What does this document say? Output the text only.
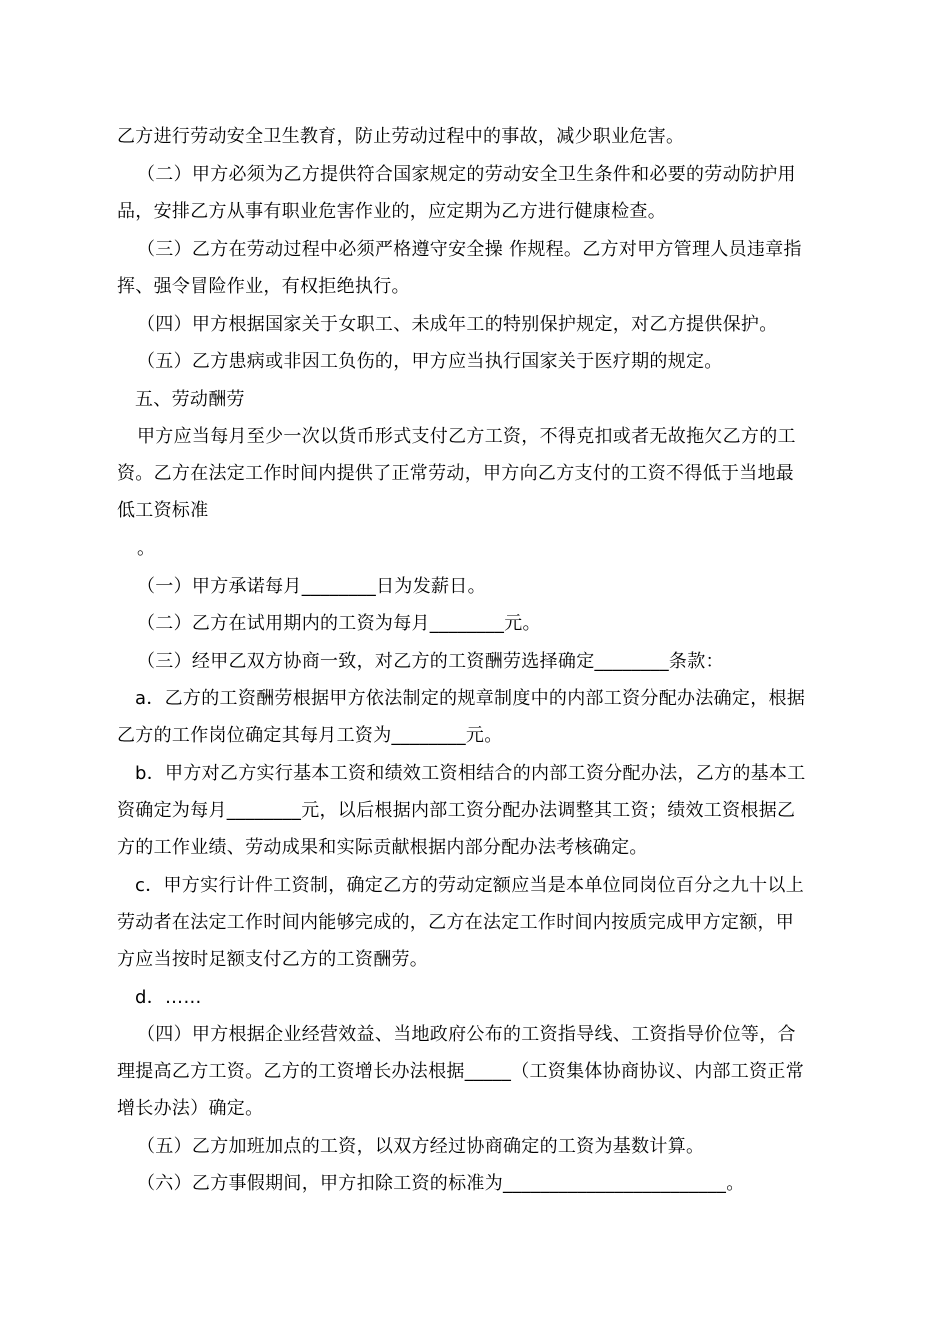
乙方进行劳动安全卫生教育，防止劳动过程中的事故，减少职业危害。
（二）甲方必须为乙方提供符合国家规定的劳动安全卫生条件和必要的劳动防护用
品，安排乙方从事有职业危害作业的，应定期为乙方进行健康检查。
（三）乙方在劳动过程中必须严格遵守安全操 作规程。乙方对甲方管理人员违章指
挥、强令冒险作业，有权拒绝执行。
（四）甲方根据国家关于女职工、未成年工的特别保护规定，对乙方提供保护。
（五）乙方患病或非因工负伤的，甲方应当执行国家关于医疗期的规定。
五、劳动酬劳
甲方应当每月至少一次以货币形式支付乙方工资，不得克扣或者无故拖欠乙方的工
资。乙方在法定工作时间内提供了正常劳动，甲方向乙方支付的工资不得低于当地最
低工资标准
。
（一）甲方承诺每月________日为发薪日。
（二）乙方在试用期内的工资为每月________元。
（三）经甲乙双方协商一致，对乙方的工资酬劳选择确定________条款：
a．乙方的工资酬劳根据甲方依法制定的规章制度中的内部工资分配办法确定，根据
乙方的工作岗位确定其每月工资为________元。
b．甲方对乙方实行基本工资和绩效工资相结合的内部工资分配办法，乙方的基本工
资确定为每月________元，以后根据内部工资分配办法调整其工资；绩效工资根据乙
方的工作业绩、劳动成果和实际贡献根据内部分配办法考核确定。
c．甲方实行计件工资制，确定乙方的劳动定额应当是本单位同岗位百分之九十以上
劳动者在法定工作时间内能够完成的，乙方在法定工作时间内按质完成甲方定额，甲
方应当按时足额支付乙方的工资酬劳。
d．……
（四）甲方根据企业经营效益、当地政府公布的工资指导线、工资指导价位等，合
理提高乙方工资。乙方的工资增长办法根据_____（工资集体协商协议、内部工资正常
增长办法）确定。
（五）乙方加班加点的工资，以双方经过协商确定的工资为基数计算。
（六）乙方事假期间，甲方扣除工资的标准为________________________。
